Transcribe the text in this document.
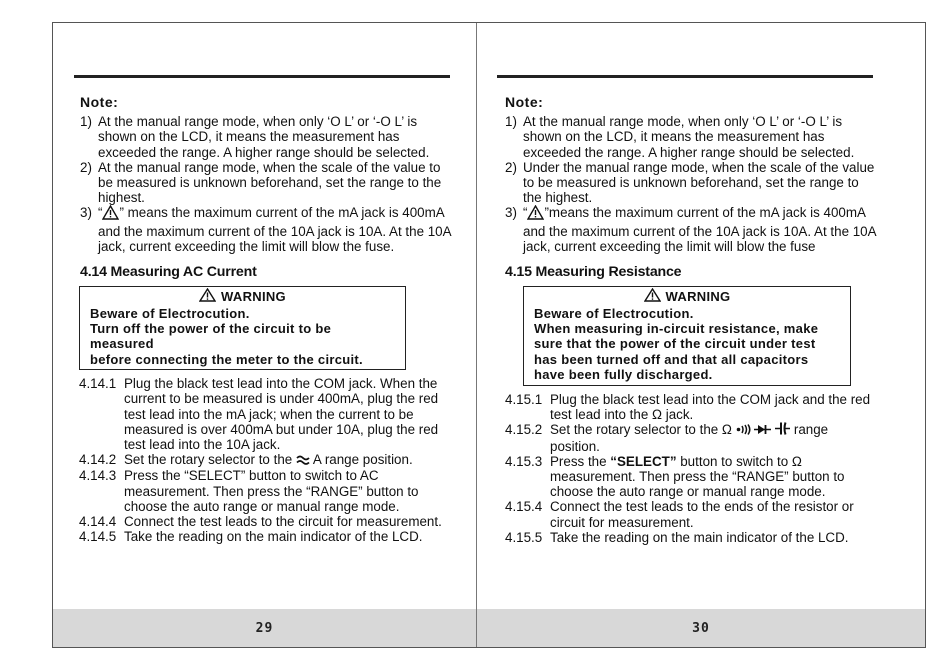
Note:
1) At the manual range mode, when only ‘O L’ or ‘-O L’ is shown on the LCD, it means the measurement has exceeded the range. A higher range should be selected.
2) At the manual range mode, when the scale of the value to be measured is unknown beforehand, set the range to the highest.
3) “ ” means the maximum current of the mA jack is 400mA and the maximum current of the 10A jack is 10A. At the 10A jack, current exceeding the limit will blow the fuse.
4.14 Measuring AC Current
WARNING
Beware of Electrocution.
Turn off the power of the circuit to be measured
before connecting the meter to the circuit.
4.14.1 Plug the black test lead into the COM jack. When the current to be measured is under 400mA, plug the red test lead into the mA jack; when the current to be measured is over 400mA but under 10A, plug the red test lead into the 10A jack.
4.14.2 Set the rotary selector to the  A range position.
4.14.3 Press the “SELECT” button to switch to AC measurement. Then press the “RANGE” button to choose the auto range or manual range mode.
4.14.4 Connect the test leads to the circuit for measurement.
4.14.5 Take the reading on the main indicator of the LCD.
29
Note:
1) At the manual range mode, when only ‘O L’ or ‘-O L’ is shown on the LCD, it means the measurement has exceeded the range. A higher range should be selected.
2) Under the manual range mode, when the scale of the value to be measured is unknown beforehand, set the range to the highest.
3) “ ”means the maximum current of the mA jack is 400mA and the maximum current of the 10A jack is 10A. At the 10A jack, current exceeding the limit will blow the fuse
4.15 Measuring Resistance
WARNING
Beware of Electrocution.
When measuring in-circuit resistance, make sure that the power of the circuit under test has been turned off and that all capacitors have been fully discharged.
4.15.1 Plug the black test lead into the COM jack and the red test lead into the Ω jack.
4.15.2 Set the rotary selector to the Ω	range position.
4.15.3 Press the “SELECT” button to switch to Ω measurement. Then press the “RANGE” button to choose the auto range or manual range mode.
4.15.4 Connect the test leads to the ends of the resistor or circuit for measurement.
4.15.5 Take the reading on the main indicator of the LCD.
30
